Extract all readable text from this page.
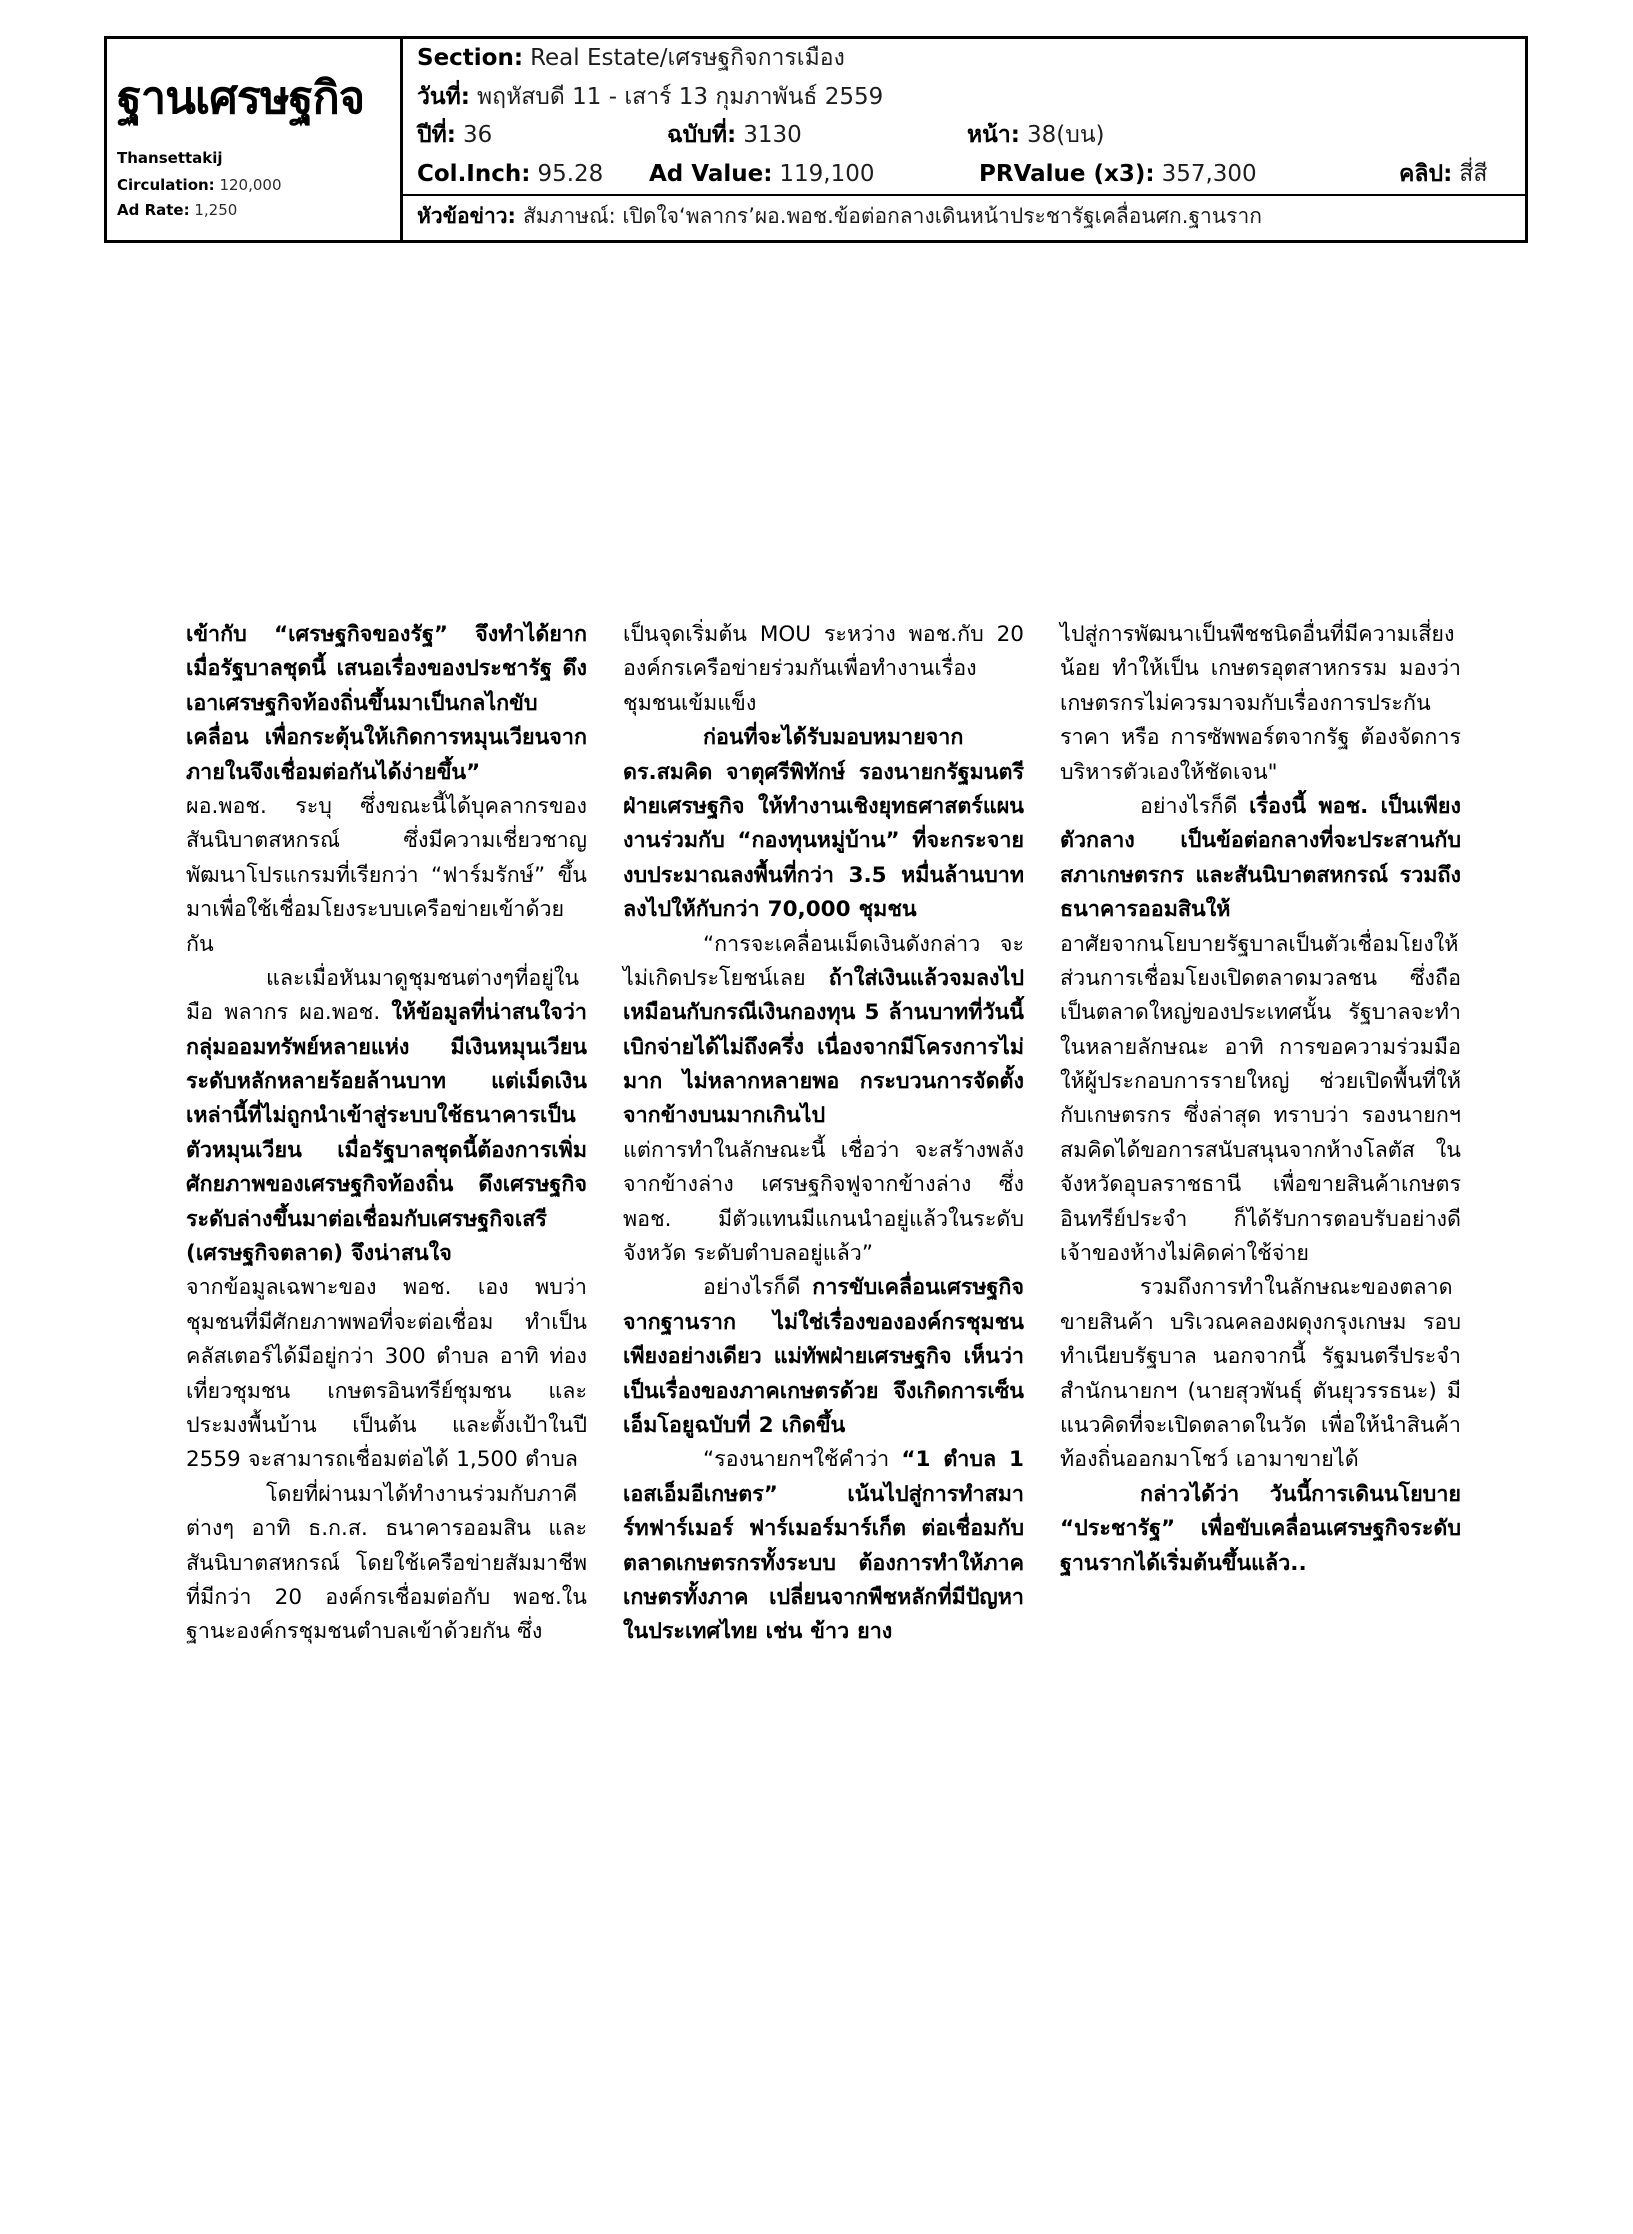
ฐานเศรษฐกิจ
Thansettakij
Circulation: 120,000
Ad Rate: 1,250
Section: Real Estate/เศรษฐกิจการเมือง
วันที่: พฤหัสบดี 11 - เสาร์ 13 กุมภาพันธ์ 2559
ปีที่: 36	ฉบับที่: 3130	หน้า: 38(บน)
Col.Inch: 95.28	Ad Value: 119,100	PRValue (x3): 357,300	คลิป: สี่สี
หัวข้อข่าว: สัมภาษณ์: เปิดใจ‘พลากร’ผอ.พอช.ข้อต่อกลางเดินหน้าประชารัฐเคลื่อนศก.ฐานราก

เข้ากับ “เศรษฐกิจของรัฐ” จึงทำได้ยาก เมื่อรัฐบาลชุดนี้ เสนอเรื่องของประชารัฐ ดึงเอาเศรษฐกิจท้องถิ่นขึ้นมาเป็นกลไกขับเคลื่อน เพื่อกระตุ้นให้เกิดการหมุนเวียนจากภายในจึงเชื่อมต่อกันได้ง่ายขึ้น”

ผอ.พอช. ระบุ ซึ่งขณะนี้ได้บุคลากรของสันนิบาตสหกรณ์ ซึ่งมีความเชี่ยวชาญพัฒนาโปรแกรมที่เรียกว่า “ฟาร์มรักษ์” ขึ้นมาเพื่อใช้เชื่อมโยงระบบเครือข่ายเข้าด้วยกัน

และเมื่อหันมาดูชุมชนต่างๆที่อยู่ในมือ พลากร ผอ.พอช. ให้ข้อมูลที่น่าสนใจว่า กลุ่มออมทรัพย์หลายแห่ง มีเงินหมุนเวียนระดับหลักหลายร้อยล้านบาท แต่เม็ดเงินเหล่านี้ที่ไม่ถูกนำเข้าสู่ระบบใช้ธนาคารเป็นตัวหมุนเวียน เมื่อรัฐบาลชุดนี้ต้องการเพิ่มศักยภาพของเศรษฐกิจท้องถิ่น ดึงเศรษฐกิจระดับล่างขึ้นมาต่อเชื่อมกับเศรษฐกิจเสรี (เศรษฐกิจตลาด) จึงน่าสนใจ

จากข้อมูลเฉพาะของ พอช. เอง พบว่า ชุมชนที่มีศักยภาพพอที่จะต่อเชื่อม ทำเป็นคลัสเตอร์ได้มีอยู่กว่า 300 ตำบล อาทิ ท่องเที่ยวชุมชน เกษตรอินทรีย์ชุมชน และประมงพื้นบ้าน เป็นต้น และตั้งเป้าในปี 2559 จะสามารถเชื่อมต่อได้ 1,500 ตำบล

โดยที่ผ่านมาได้ทำงานร่วมกับภาคีต่างๆ อาทิ ธ.ก.ส. ธนาคารออมสิน และสันนิบาตสหกรณ์ โดยใช้เครือข่ายสัมมาชีพที่มีกว่า 20 องค์กรเชื่อมต่อกับ พอช.ในฐานะองค์กรชุมชนตำบลเข้าด้วยกัน ซึ่ง

เป็นจุดเริ่มต้น MOU ระหว่าง พอช.กับ 20 องค์กรเครือข่ายร่วมกันเพื่อทำงานเรื่องชุมชนเข้มแข็ง

ก่อนที่จะได้รับมอบหมายจาก ดร.สมคิด จาตุศรีพิทักษ์ รองนายกรัฐมนตรีฝ่ายเศรษฐกิจ ให้ทำงานเชิงยุทธศาสตร์แผนงานร่วมกับ “กองทุนหมู่บ้าน” ที่จะกระจายงบประมาณลงพื้นที่กว่า 3.5 หมื่นล้านบาท ลงไปให้กับกว่า 70,000 ชุมชน

“การจะเคลื่อนเม็ดเงินดังกล่าว จะไม่เกิดประโยชน์เลย ถ้าใส่เงินแล้วจมลงไป เหมือนกับกรณีเงินกองทุน 5 ล้านบาทที่วันนี้เบิกจ่ายได้ไม่ถึงครึ่ง เนื่องจากมีโครงการไม่มาก ไม่หลากหลายพอ กระบวนการจัดตั้งจากข้างบนมากเกินไป

แต่การทำในลักษณะนี้ เชื่อว่า จะสร้างพลังจากข้างล่าง เศรษฐกิจฟูจากข้างล่าง ซึ่ง พอช. มีตัวแทนมีแกนนำอยู่แล้วในระดับจังหวัด ระดับตำบลอยู่แล้ว”

อย่างไรก็ดี การขับเคลื่อนเศรษฐกิจจากฐานราก ไม่ใช่เรื่องขององค์กรชุมชนเพียงอย่างเดียว แม่ทัพฝ่ายเศรษฐกิจ เห็นว่า เป็นเรื่องของภาคเกษตรด้วย จึงเกิดการเซ็นเอ็มโอยูฉบับที่ 2 เกิดขึ้น

“รองนายกฯใช้คำว่า “1 ตำบล 1 เอสเอ็มอีเกษตร” เน้นไปสู่การทำสมาร์ทฟาร์เมอร์ ฟาร์เมอร์มาร์เก็ต ต่อเชื่อมกับตลาดเกษตรกรทั้งระบบ ต้องการทำให้ภาคเกษตรทั้งภาค เปลี่ยนจากพืชหลักที่มีปัญหาในประเทศไทย เช่น ข้าว ยาง

ไปสู่การพัฒนาเป็นพืชชนิดอื่นที่มีความเสี่ยงน้อย ทำให้เป็น เกษตรอุตสาหกรรม มองว่า เกษตรกรไม่ควรมาจมกับเรื่องการประกันราคา หรือ การซัพพอร์ตจากรัฐ ต้องจัดการบริหารตัวเองให้ชัดเจน"

อย่างไรก็ดี เรื่องนี้ พอช. เป็นเพียงตัวกลาง เป็นข้อต่อกลางที่จะประสานกับ สภาเกษตรกร และสันนิบาตสหกรณ์ รวมถึงธนาคารออมสินให้

อาศัยจากนโยบายรัฐบาลเป็นตัวเชื่อมโยงให้ ส่วนการเชื่อมโยงเปิดตลาดมวลชน ซึ่งถือเป็นตลาดใหญ่ของประเทศนั้น รัฐบาลจะทำในหลายลักษณะ อาทิ การขอความร่วมมือให้ผู้ประกอบการรายใหญ่ ช่วยเปิดพื้นที่ให้กับเกษตรกร ซึ่งล่าสุด ทราบว่า รองนายกฯสมคิดได้ขอการสนับสนุนจากห้างโลตัส ในจังหวัดอุบลราชธานี เพื่อขายสินค้าเกษตรอินทรีย์ประจำ ก็ได้รับการตอบรับอย่างดี เจ้าของห้างไม่คิดค่าใช้จ่าย

รวมถึงการทำในลักษณะของตลาดขายสินค้า บริเวณคลองผดุงกรุงเกษม รอบทำเนียบรัฐบาล นอกจากนี้ รัฐมนตรีประจำสำนักนายกฯ (นายสุวพันธุ์ ตันยุวรรธนะ) มีแนวคิดที่จะเปิดตลาดในวัด เพื่อให้นำสินค้าท้องถิ่นออกมาโชว์ เอามาขายได้

กล่าวได้ว่า วันนี้การเดินนโยบาย “ประชารัฐ” เพื่อขับเคลื่อนเศรษฐกิจระดับฐานรากได้เริ่มต้นขึ้นแล้ว..
